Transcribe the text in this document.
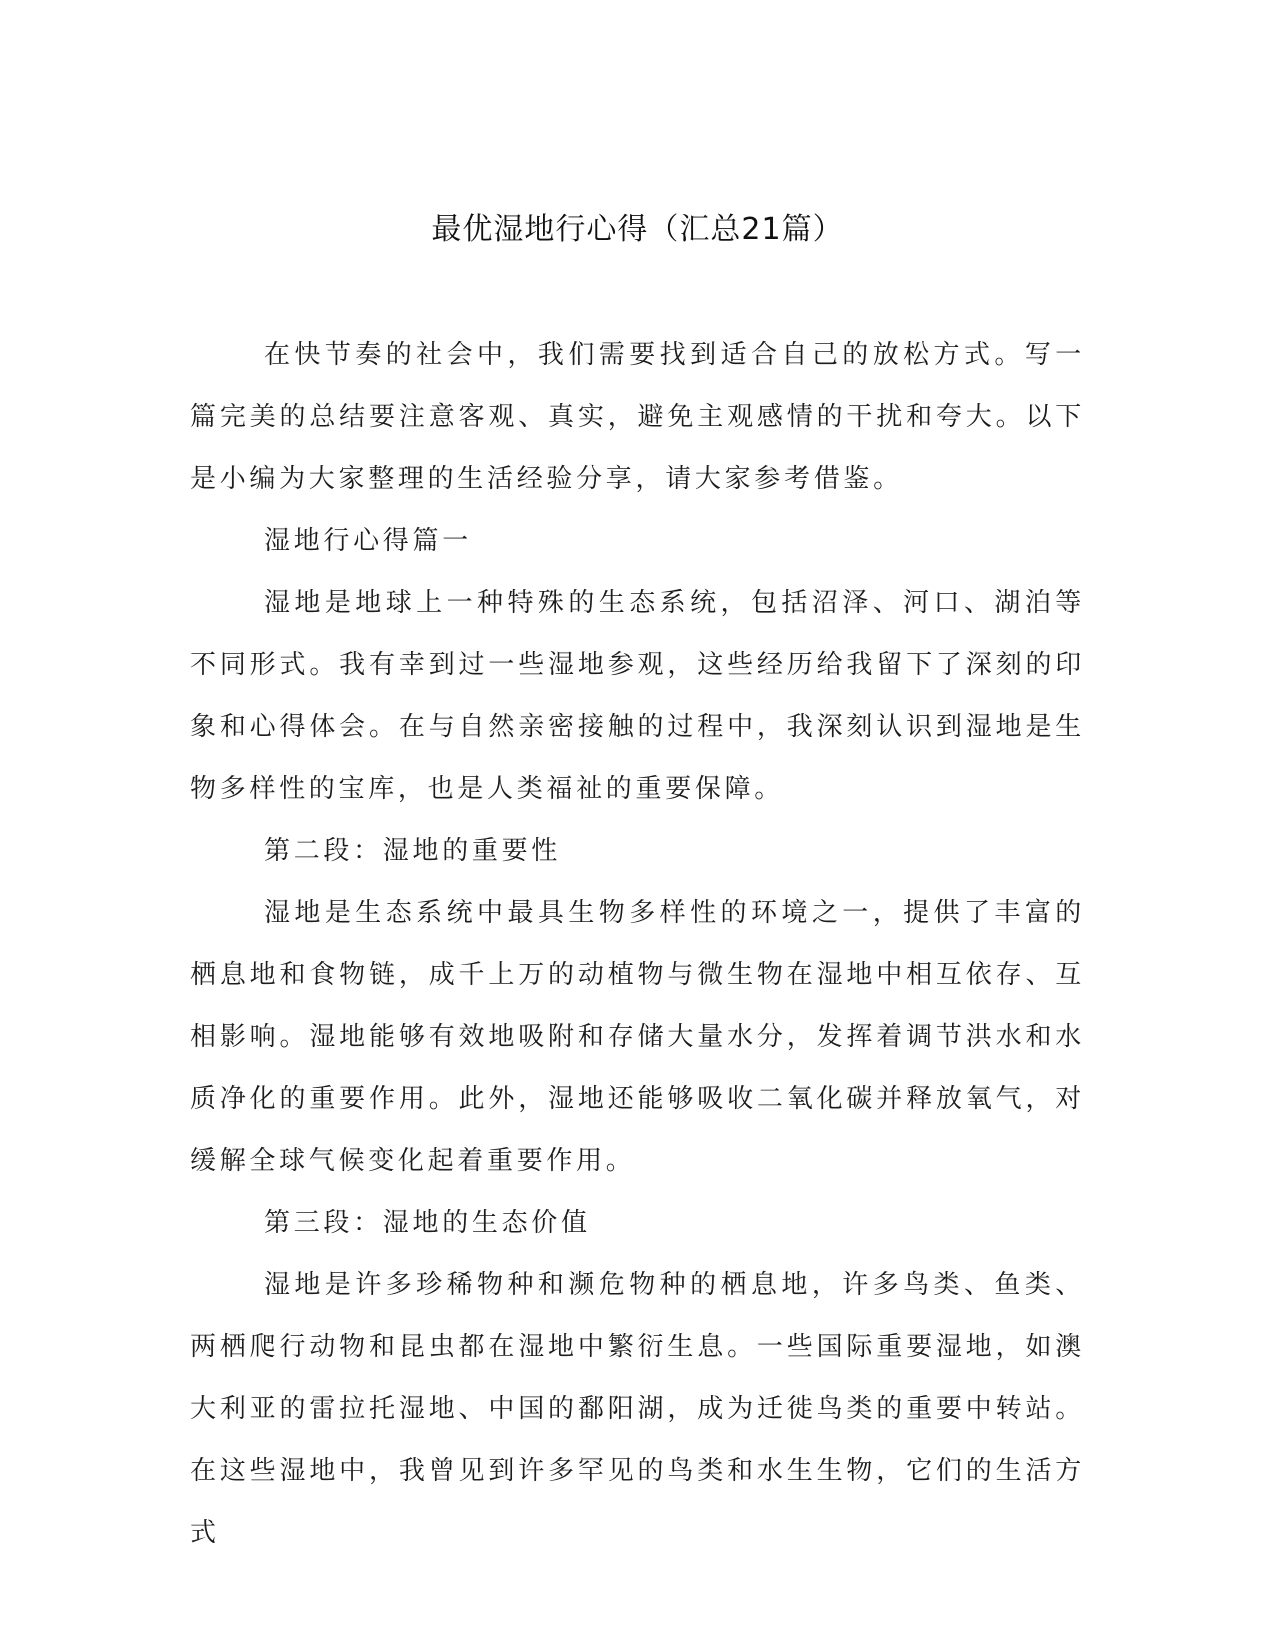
最优湿地行心得（汇总21篇）

在快节奏的社会中，我们需要找到适合自己的放松方式。写一篇完美的总结要注意客观、真实，避免主观感情的干扰和夸大。以下是小编为大家整理的生活经验分享，请大家参考借鉴。

湿地行心得篇一

湿地是地球上一种特殊的生态系统，包括沼泽、河口、湖泊等不同形式。我有幸到过一些湿地参观，这些经历给我留下了深刻的印象和心得体会。在与自然亲密接触的过程中，我深刻认识到湿地是生物多样性的宝库，也是人类福祉的重要保障。

第二段：湿地的重要性

湿地是生态系统中最具生物多样性的环境之一，提供了丰富的栖息地和食物链，成千上万的动植物与微生物在湿地中相互依存、互相影响。湿地能够有效地吸附和存储大量水分，发挥着调节洪水和水质净化的重要作用。此外，湿地还能够吸收二氧化碳并释放氧气，对缓解全球气候变化起着重要作用。

第三段：湿地的生态价值

湿地是许多珍稀物种和濒危物种的栖息地，许多鸟类、鱼类、两栖爬行动物和昆虫都在湿地中繁衍生息。一些国际重要湿地，如澳大利亚的雷拉托湿地、中国的鄱阳湖，成为迁徙鸟类的重要中转站。在这些湿地中，我曾见到许多罕见的鸟类和水生生物，它们的生活方式
